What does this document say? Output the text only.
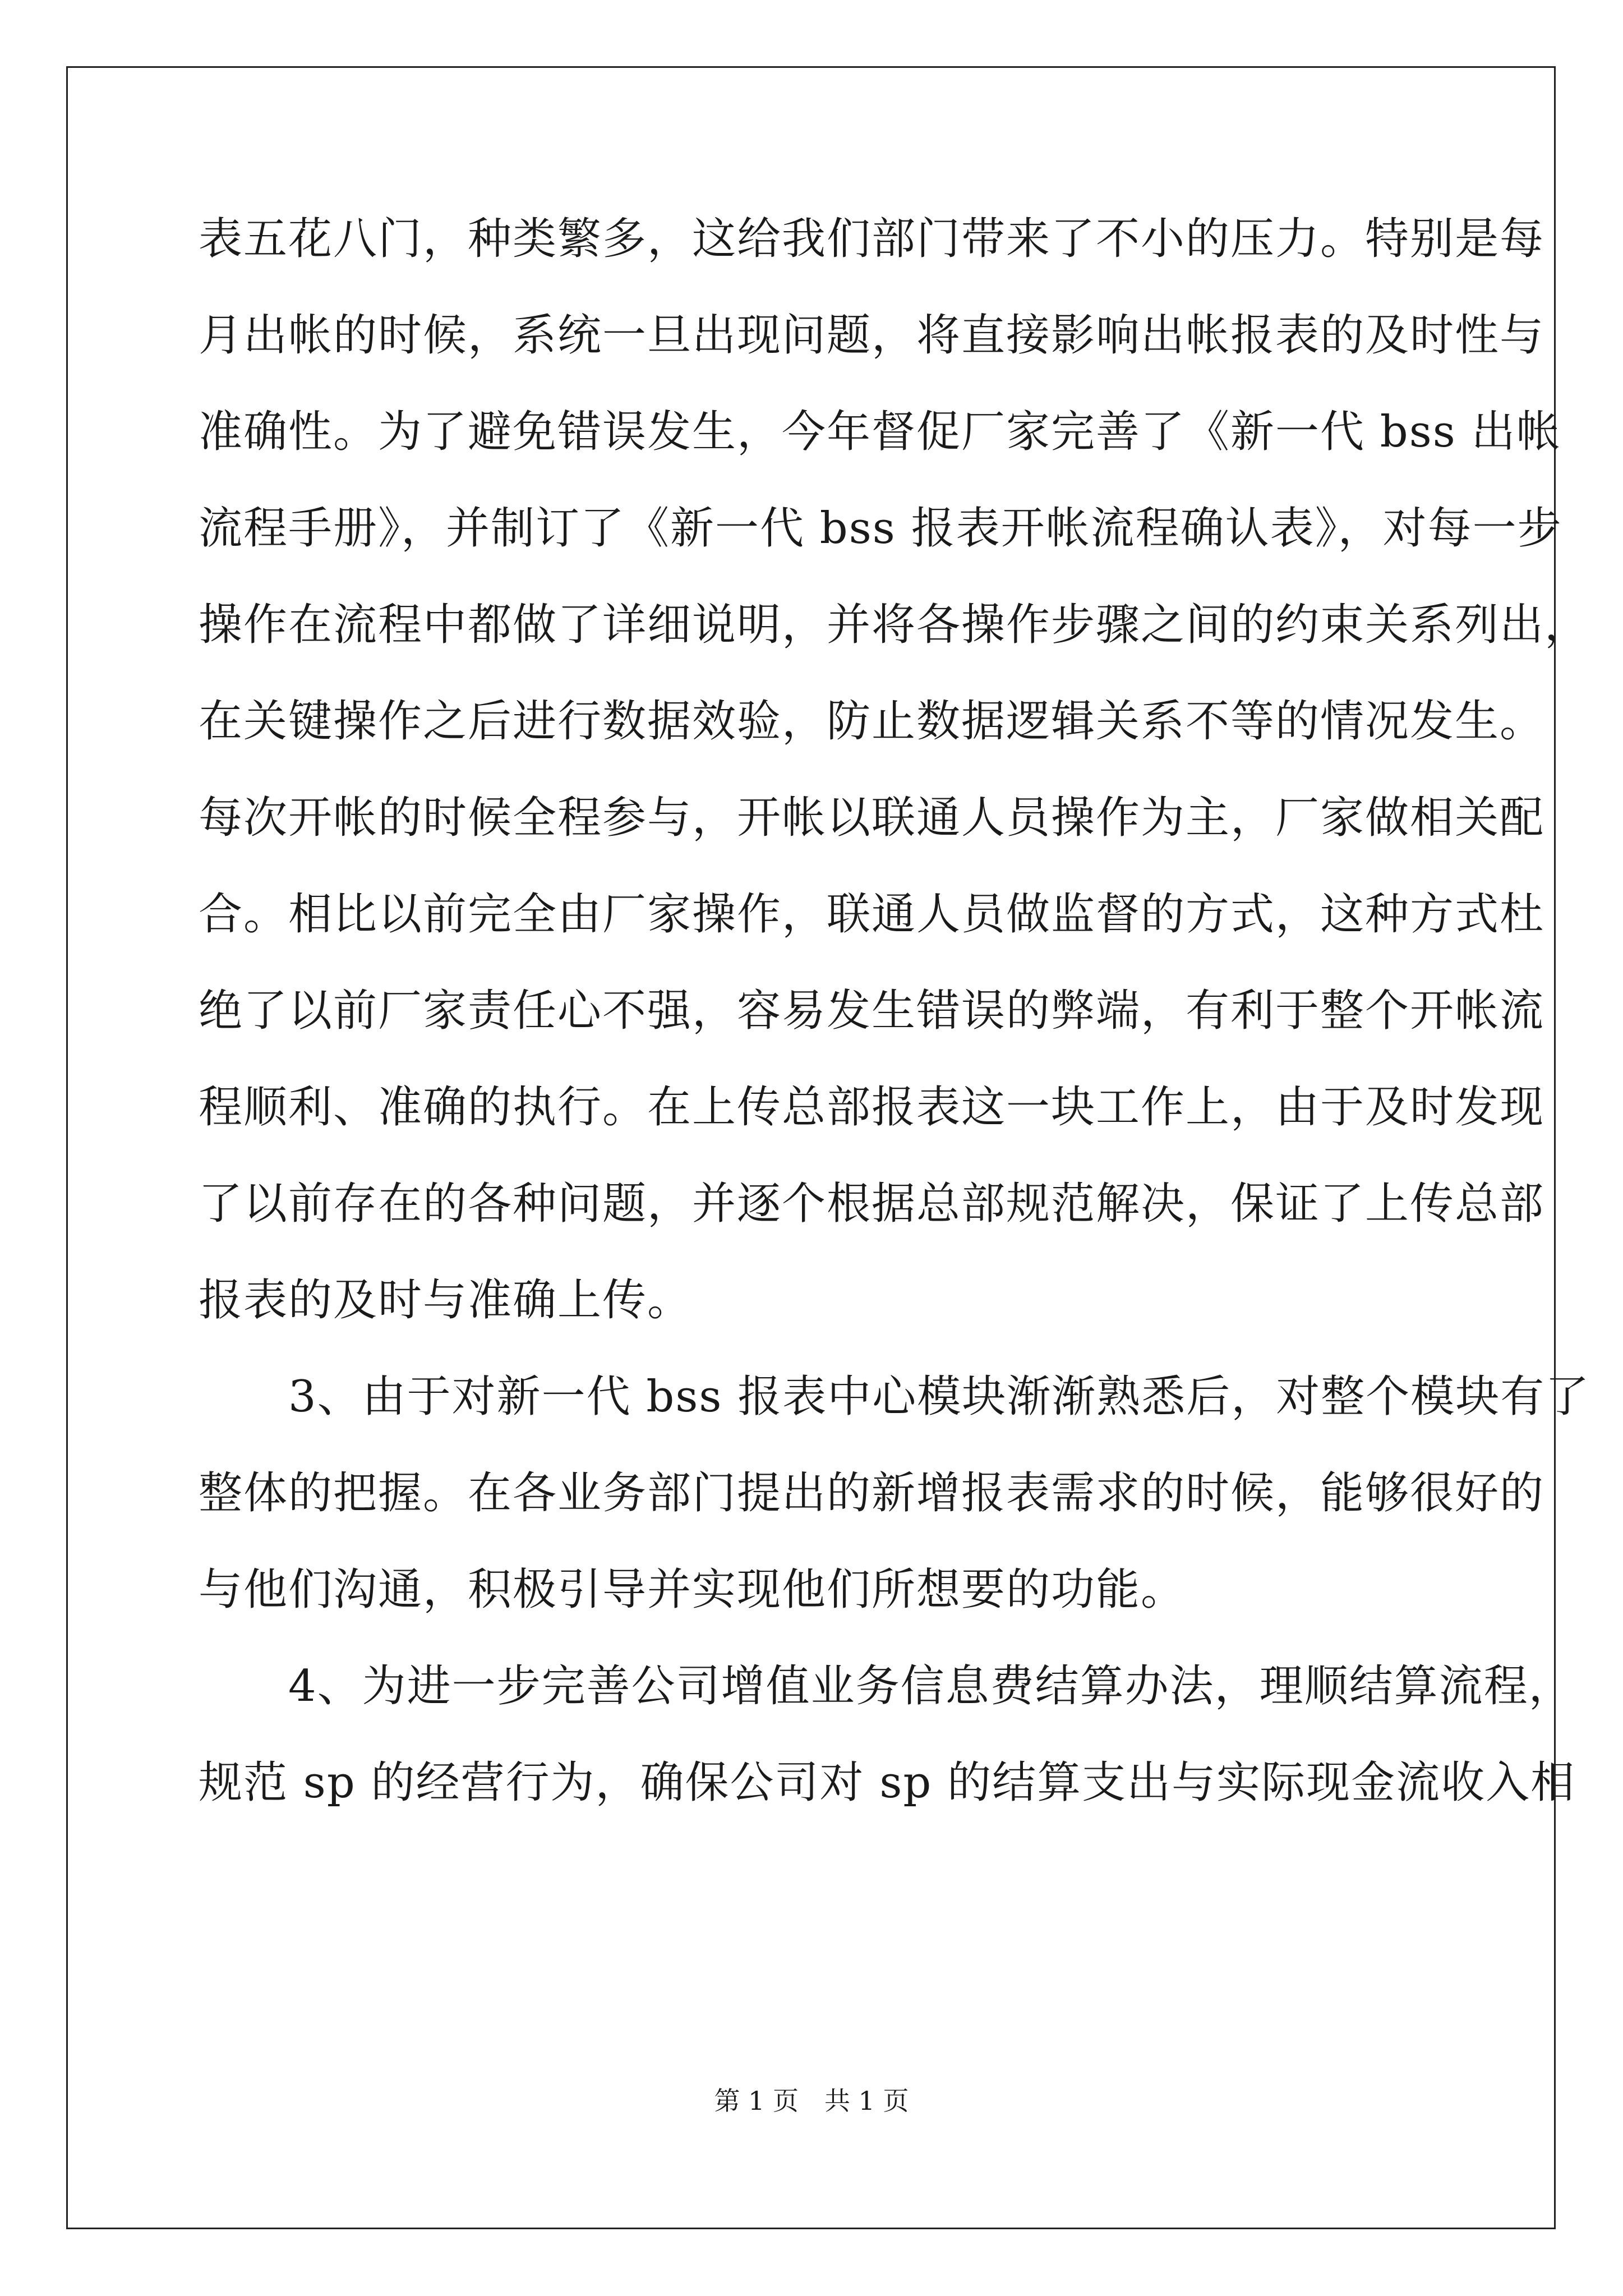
表五花八门，种类繁多，这给我们部门带来了不小的压力。特别是每
月出帐的时候，系统一旦出现问题，将直接影响出帐报表的及时性与
准确性。为了避免错误发生，今年督促厂家完善了《新一代 bss 出帐
流程手册》，并制订了《新一代 bss 报表开帐流程确认表》，对每一步
操作在流程中都做了详细说明，并将各操作步骤之间的约束关系列出，
在关键操作之后进行数据效验，防止数据逻辑关系不等的情况发生。
每次开帐的时候全程参与，开帐以联通人员操作为主，厂家做相关配
合。相比以前完全由厂家操作，联通人员做监督的方式，这种方式杜
绝了以前厂家责任心不强，容易发生错误的弊端，有利于整个开帐流
程顺利、准确的执行。在上传总部报表这一块工作上，由于及时发现
了以前存在的各种问题，并逐个根据总部规范解决，保证了上传总部
报表的及时与准确上传。
　　3、由于对新一代 bss 报表中心模块渐渐熟悉后，对整个模块有了
整体的把握。在各业务部门提出的新增报表需求的时候，能够很好的
与他们沟通，积极引导并实现他们所想要的功能。
　　4、为进一步完善公司增值业务信息费结算办法，理顺结算流程，
规范 sp 的经营行为，确保公司对 sp 的结算支出与实际现金流收入相
第 1 页　共 1 页
